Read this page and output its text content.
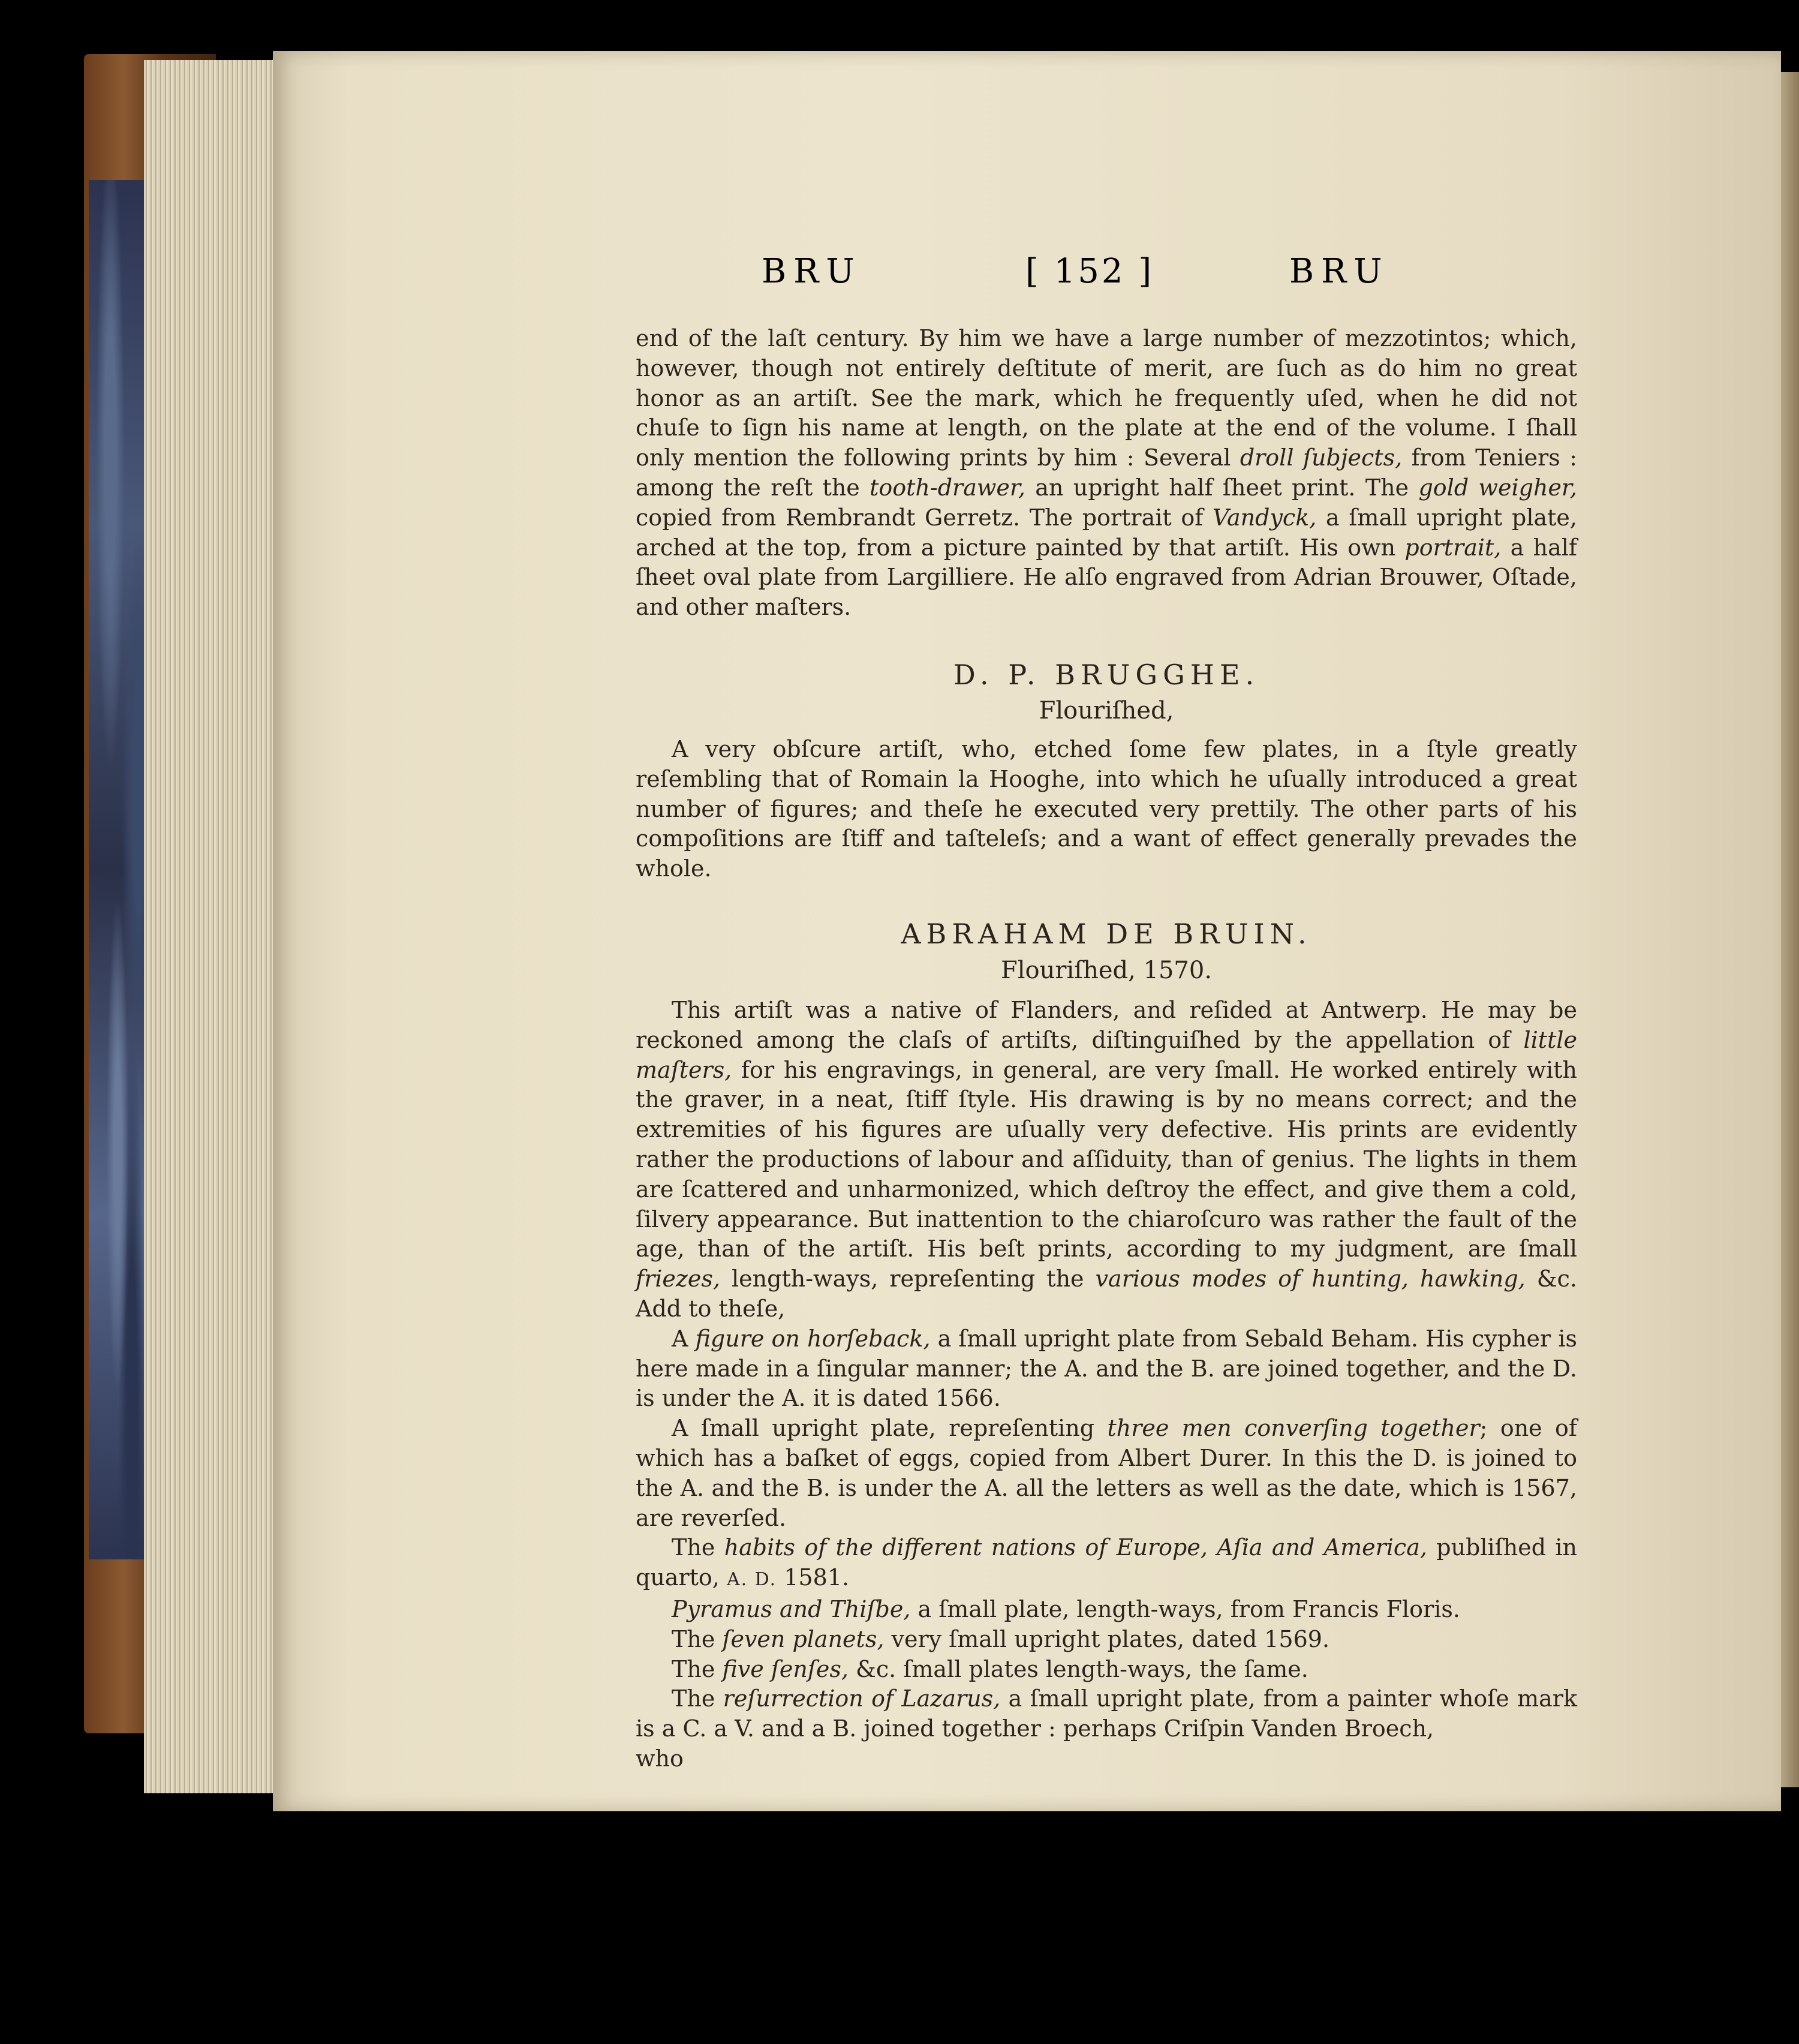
BRU	[ 152 ]	BRU

end of the laſt century. By him we have a large number of mezzotintos; which, however, though not entirely deſtitute of merit, are ſuch as do him no great honor as an artiſt. See the mark, which he frequently uſed, when he did not chuſe to ſign his name at length, on the plate at the end of the volume. I ſhall only mention the following prints by him : Several droll ſubjects, from Teniers : among the reſt the tooth-drawer, an upright half ſheet print. The gold weigher, copied from Rembrandt Gerretz. The portrait of Vandyck, a ſmall upright plate, arched at the top, from a picture painted by that artiſt. His own portrait, a half ſheet oval plate from Largilliere. He alſo engraved from Adrian Brouwer, Oſtade, and other maſters.

D. P. BRUGGHE.
Flouriſhed,

A very obſcure artiſt, who, etched ſome few plates, in a ſtyle greatly reſembling that of Romain la Hooghe, into which he uſually introduced a great number of figures; and theſe he executed very prettily. The other parts of his compoſitions are ſtiff and taſteleſs; and a want of effect generally prevades the whole.

ABRAHAM DE BRUIN.
Flouriſhed, 1570.

This artiſt was a native of Flanders, and reſided at Antwerp. He may be reckoned among the claſs of artiſts, diſtinguiſhed by the appellation of little maſters, for his engravings, in general, are very ſmall. He worked entirely with the graver, in a neat, ſtiff ſtyle. His drawing is by no means correct; and the extremities of his figures are uſually very defective. His prints are evidently rather the productions of labour and aſſiduity, than of genius. The lights in them are ſcattered and unharmonized, which deſtroy the effect, and give them a cold, ſilvery appearance. But inattention to the chiaroſcuro was rather the fault of the age, than of the artiſt. His beſt prints, according to my judgment, are ſmall friezes, length-ways, repreſenting the various modes of hunting, hawking, &c. Add to theſe,

A figure on horſeback, a ſmall upright plate from Sebald Beham. His cypher is here made in a ſingular manner; the A. and the B. are joined together, and the D. is under the A. it is dated 1566.

A ſmall upright plate, repreſenting three men converſing together; one of which has a baſket of eggs, copied from Albert Durer. In this the D. is joined to the A. and the B. is under the A. all the letters as well as the date, which is 1567, are reverſed.

The habits of the different nations of Europe, Aſia and America, publiſhed in quarto, A. D. 1581.

Pyramus and Thiſbe, a ſmall plate, length-ways, from Francis Floris.

The ſeven planets, very ſmall upright plates, dated 1569.

The five ſenſes, &c. ſmall plates length-ways, the ſame.

The reſurrection of Lazarus, a ſmall upright plate, from a painter whoſe mark is a C. a V. and a B. joined together : perhaps Criſpin Vanden Broech,

who
